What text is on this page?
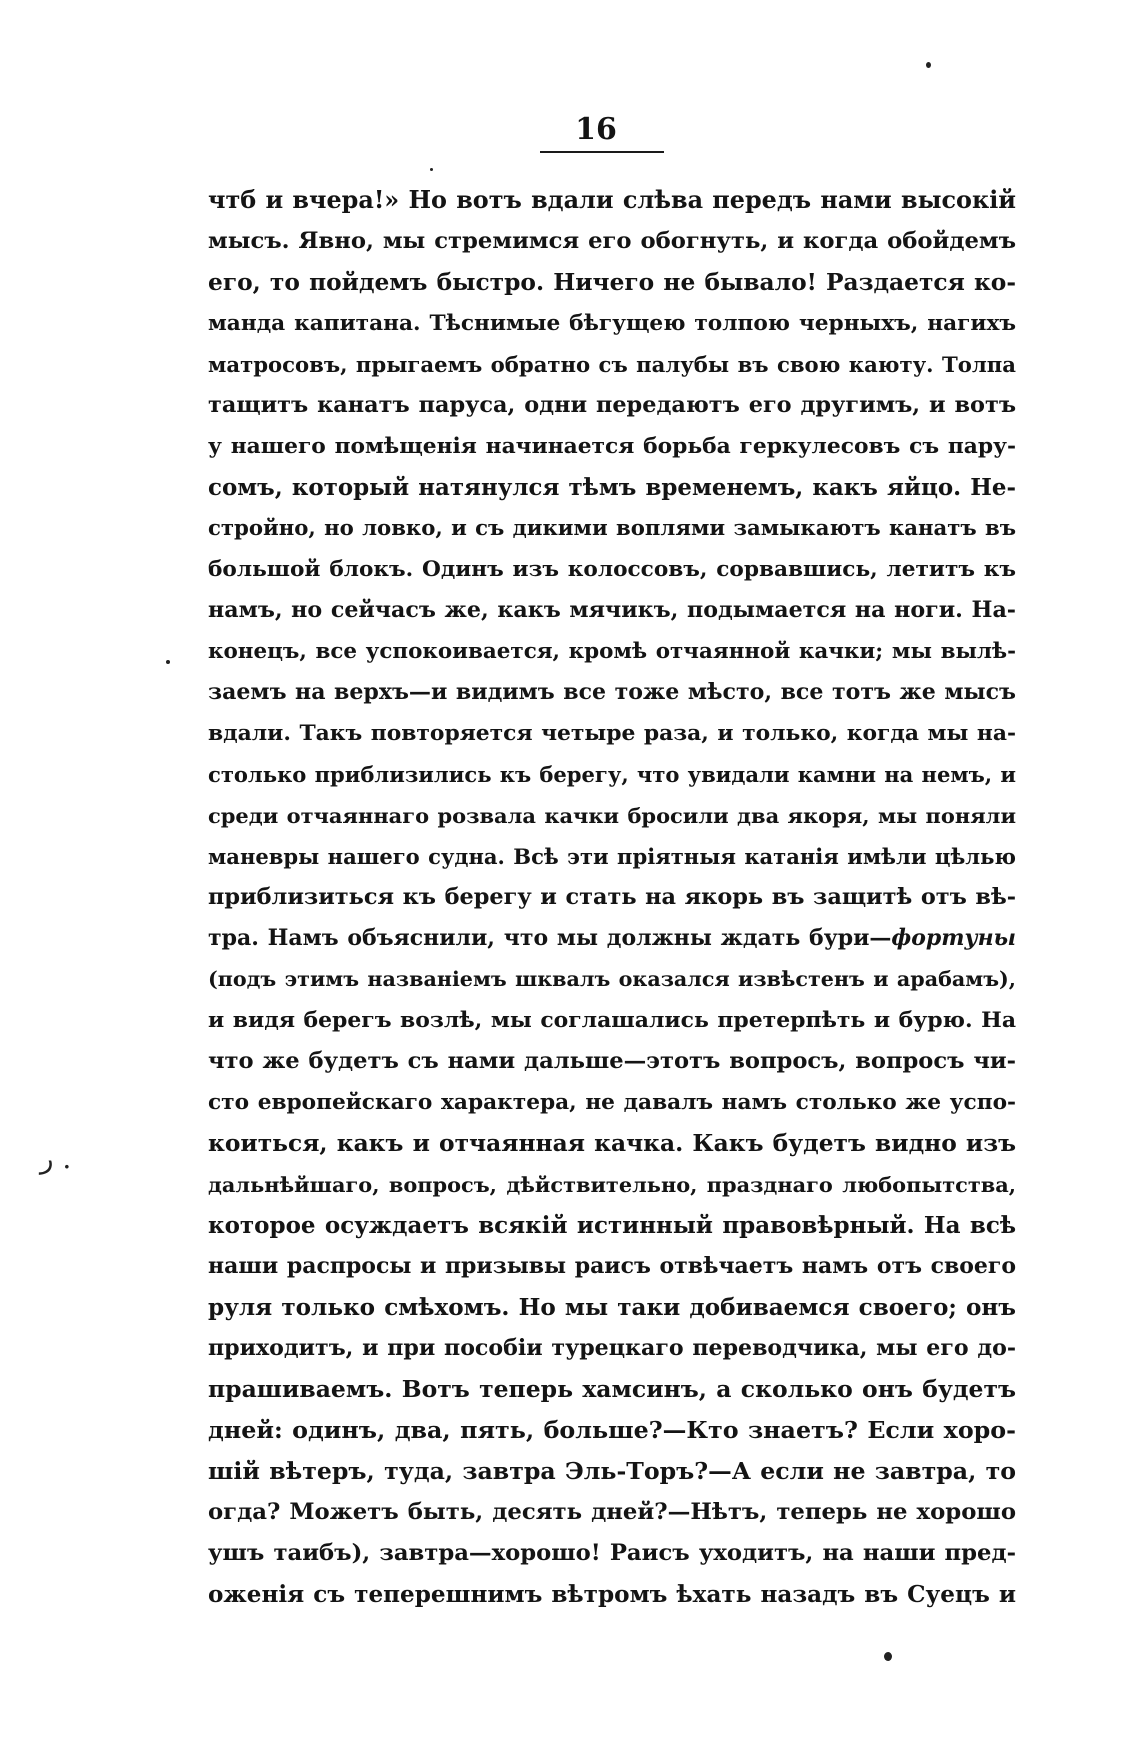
16
ر .
чтб и вчера!» Но вотъ вдали слѣва передъ нами высокій
мысъ. Явно, мы стремимся его обогнуть, и когда обойдемъ
его, то пойдемъ быстро. Ничего не бывало! Раздается ко-
манда капитана. Тѣснимые бѣгущею толпою черныхъ, нагихъ
матросовъ, прыгаемъ обратно съ палубы въ свою каюту. Толпа
тащитъ канатъ паруса, одни передаютъ его другимъ, и вотъ
у нашего помѣщенія начинается борьба геркулесовъ съ пару-
сомъ, который натянулся тѣмъ временемъ, какъ яйцо. Не-
стройно, но ловко, и съ дикими воплями замыкаютъ канатъ въ
большой блокъ. Одинъ изъ колоссовъ, сорвавшись, летитъ къ
намъ, но сейчасъ же, какъ мячикъ, подымается на ноги. На-
конецъ, все успокоивается, кромѣ отчаянной качки; мы вылѣ-
заемъ на верхъ—и видимъ все тоже мѣсто, все тотъ же мысъ
вдали. Такъ повторяется четыре раза, и только, когда мы на-
столько приблизились къ берегу, что увидали камни на немъ, и
среди отчаяннаго розвала качки бросили два якоря, мы поняли
маневры нашего судна. Всѣ эти пріятныя катанія имѣли цѣлью
приблизиться къ берегу и стать на якорь въ защитѣ отъ вѣ-
тра. Намъ объяснили, что мы должны ждать бури—фортуны
(подъ этимъ названіемъ шквалъ оказался извѣстенъ и арабамъ),
и видя берегъ возлѣ, мы соглашались претерпѣть и бурю. На
что же будетъ съ нами дальше—этотъ вопросъ, вопросъ чи-
сто европейскаго характера, не давалъ намъ столько же успо-
коиться, какъ и отчаянная качка. Какъ будетъ видно изъ
дальнѣйшаго, вопросъ, дѣйствительно, празднаго любопытства,
которое осуждаетъ всякій истинный правовѣрный. На всѣ
наши распросы и призывы раисъ отвѣчаетъ намъ отъ своего
руля только смѣхомъ. Но мы таки добиваемся своего; онъ
приходитъ, и при пособіи турецкаго переводчика, мы его до-
прашиваемъ. Вотъ теперь хамсинъ, а сколько онъ будетъ
дней: одинъ, два, пять, больше?—Кто знаетъ? Если хоро-
шій вѣтеръ, туда, завтра Эль-Торъ?—А если не завтра, то
огда? Можетъ быть, десять дней?—Нѣтъ, теперь не хорошо
ушъ таибъ), завтра—хорошо! Раисъ уходитъ, на наши пред-
оженія съ теперешнимъ вѣтромъ ѣхать назадъ въ Суецъ и
